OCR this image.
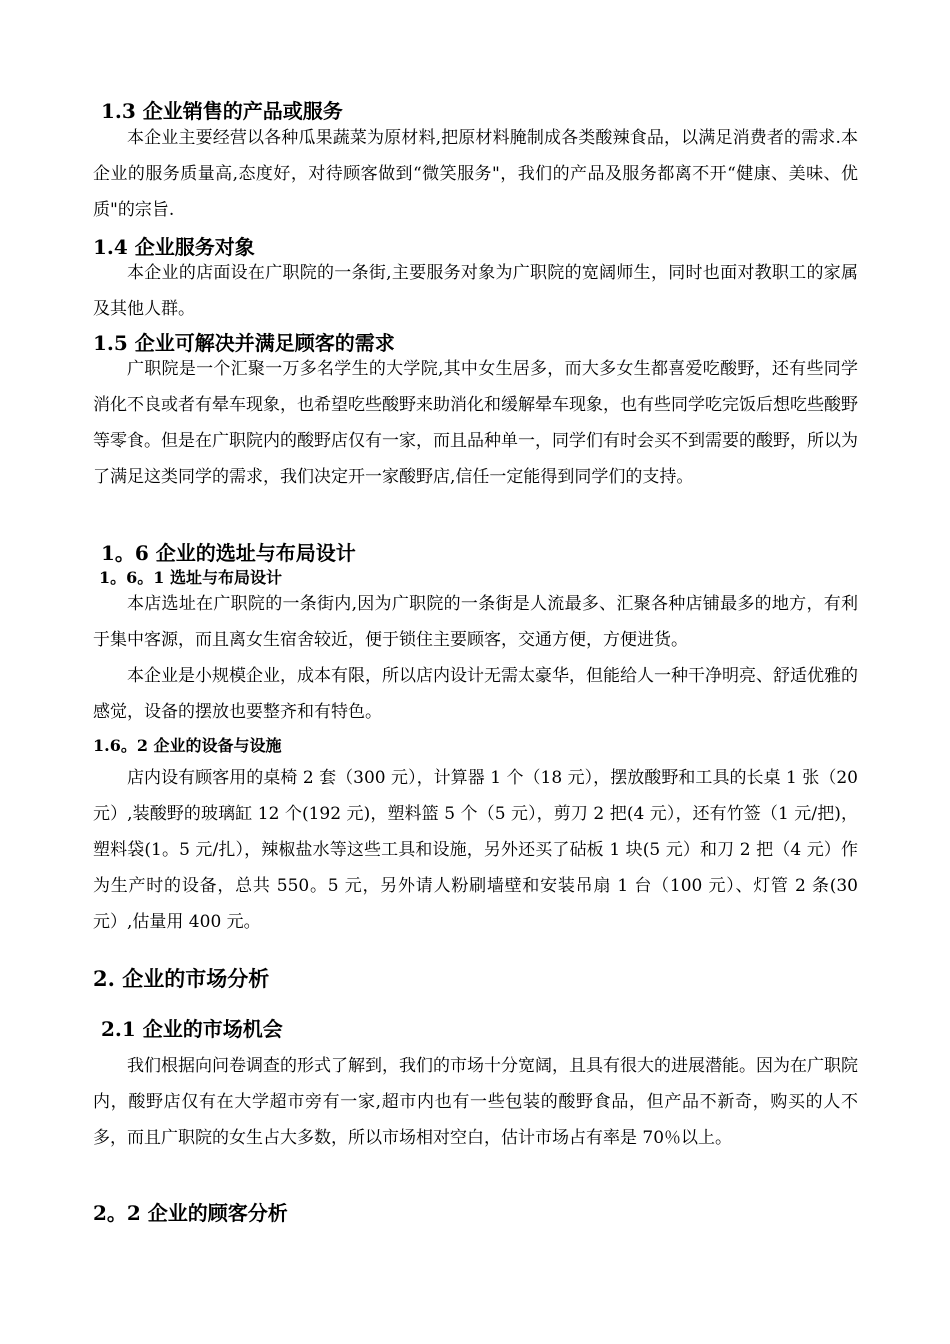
1.3 企业销售的产品或服务

本企业主要经营以各种瓜果蔬菜为原材料,把原材料腌制成各类酸辣食品，以满足消费者的需求.本企业的服务质量高,态度好，对待顾客做到“微笑服务"，我们的产品及服务都离不开“健康、美味、优质"的宗旨.

1.4 企业服务对象

本企业的店面设在广职院的一条街,主要服务对象为广职院的宽阔师生，同时也面对教职工的家属及其他人群。

1.5 企业可解决并满足顾客的需求

广职院是一个汇聚一万多名学生的大学院,其中女生居多，而大多女生都喜爱吃酸野，还有些同学消化不良或者有晕车现象，也希望吃些酸野来助消化和缓解晕车现象，也有些同学吃完饭后想吃些酸野等零食。但是在广职院内的酸野店仅有一家，而且品种单一，同学们有时会买不到需要的酸野，所以为了满足这类同学的需求，我们决定开一家酸野店,信任一定能得到同学们的支持。

1。6 企业的选址与布局设计
1。6。1 选址与布局设计

本店选址在广职院的一条街内,因为广职院的一条街是人流最多、汇聚各种店铺最多的地方，有利于集中客源，而且离女生宿舍较近，便于锁住主要顾客，交通方便，方便进货。

本企业是小规模企业，成本有限，所以店内设计无需太豪华，但能给人一种干净明亮、舒适优雅的感觉，设备的摆放也要整齐和有特色。

1.6。2 企业的设备与设施

店内设有顾客用的桌椅 2 套（300 元），计算器 1 个（18 元），摆放酸野和工具的长桌 1 张（20 元）,装酸野的玻璃缸 12 个(192 元)，塑料篮 5 个（5 元），剪刀 2 把(4 元），还有竹签（1 元/把)，塑料袋(1。5 元/扎），辣椒盐水等这些工具和设施，另外还买了砧板 1 块(5 元）和刀 2 把（4 元）作为生产时的设备，总共 550。5 元，另外请人粉刷墙壁和安装吊扇 1 台（100 元）、灯管 2 条(30 元）,估量用 400 元。

2. 企业的市场分析
2.1 企业的市场机会

我们根据向问卷调查的形式了解到，我们的市场十分宽阔，且具有很大的进展潜能。因为在广职院内，酸野店仅有在大学超市旁有一家,超市内也有一些包装的酸野食品，但产品不新奇，购买的人不多，而且广职院的女生占大多数，所以市场相对空白，估计市场占有率是 70％以上。

2。2 企业的顾客分析
